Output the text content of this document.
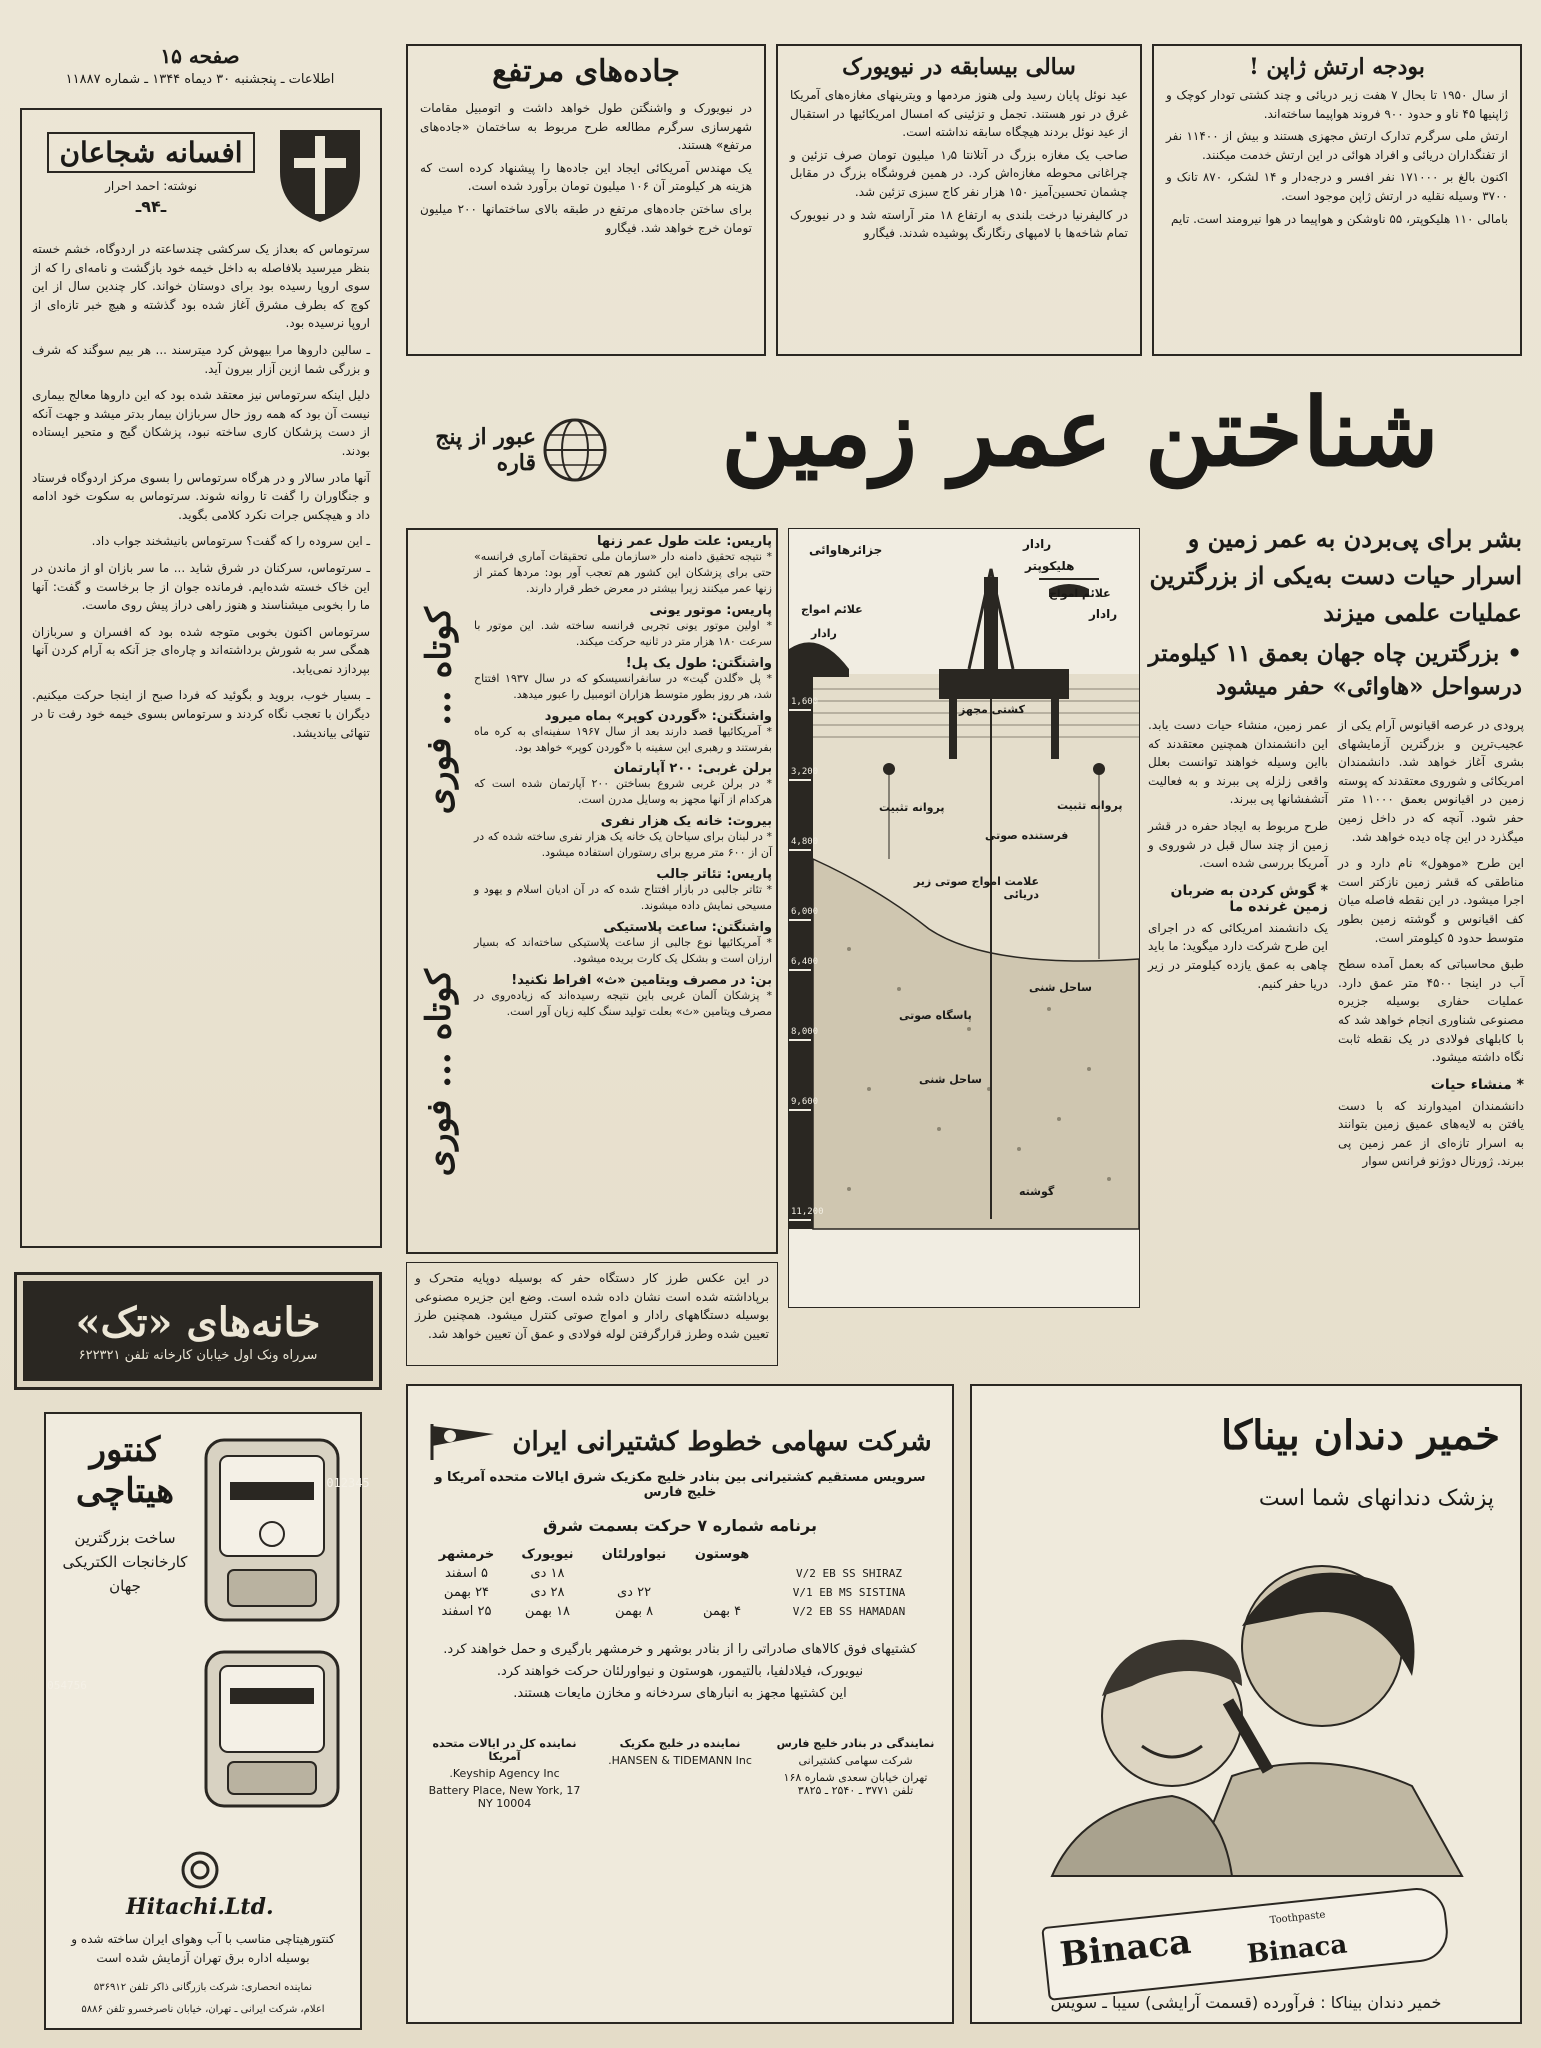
صفحه ۱۵
اطلاعات ـ پنجشنبه ۳۰ دیماه ۱۳۴۴ ـ شماره ۱۱۸۸۷
افسانه شجاعان
نوشته: احمد احرار
ـ۹۴ـ

سرتوماس که بعداز یک سرکشی چندساعته در اردوگاه، خشم خسته بنظر میرسید بلافاصله به داخل خیمه خود بازگشت و نامه‌ای را که از سوی اروپا رسیده بود برای دوستان خواند. کار چندین سال از این کوچ که بطرف مشرق آغاز شده بود گذشته و هیچ خبر تازه‌ای از اروپا نرسیده بود.

ـ سالین داروها مرا بیهوش کرد میترسند ... هر بیم سوگند که شرف و بزرگی شما ازین آزار بیرون آید.

دلیل اینکه سرتوماس نیز معتقد شده بود که این داروها معالج بیماری نیست آن بود که همه روز حال سربازان بیمار بدتر میشد و جهت آنکه از دست پزشکان کاری ساخته نبود، پزشکان گیج و متحیر ایستاده بودند.

آنها مادر سالار و در هرگاه سرتوماس را بسوی مرکز اردوگاه فرستاد و جنگاوران را گفت تا روانه شوند. سرتوماس به سکوت خود ادامه داد و هیچکس جرات نکرد کلامی بگوید.

ـ این سروده را که گفت؟ سرتوماس بانیشخند جواب داد.

ـ سرتوماس، سرکنان در شرق شاید ... ما سر بازان او از ماندن در این خاک خسته شده‌ایم. فرمانده جوان از جا برخاست و گفت: آنها ما را بخوبی میشناسند و هنوز راهی دراز پیش روی ماست.

سرتوماس اکنون بخوبی متوجه شده بود که افسران و سربازان همگی سر به شورش برداشته‌اند و چاره‌ای جز آنکه به آرام کردن آنها بپردازد نمی‌یابد.

ـ بسیار خوب، بروید و بگوئید که فردا صبح از اینجا حرکت میکنیم. دیگران با تعجب نگاه کردند و سرتوماس بسوی خیمه خود رفت تا در تنهائی بیاندیشد.

خانه‌های «تک»
سرراه ونک اول خیابان کارخانه تلفن ۶۲۲۳۲۱
012345
کنتور هیتاچی
ساخت بزرگترین کارخانجات الکتریکی جهان
054756
Hitachi.Ltd.
کنتورهیتاچی مناسب با آب وهوای ایران ساخته شده و بوسیله اداره برق تهران آزمایش شده است
نماینده انحصاری: شرکت بازرگانی ذاکر تلفن ۵۳۶۹۱۲
اعلام، شرکت ایرانی ـ تهران، خیابان ناصرخسرو تلفن ۵۸۸۶
بودجه ارتش ژاپن !

از سال ۱۹۵۰ تا بحال ۷ هفت زیر دریائی و چند کشتی تودار کوچک و ژاپنیها ۴۵ ناو و حدود ۹۰۰ فروند هواپیما ساخته‌اند.

ارتش ملی سرگرم تدارک ارتش مجهزی هستند و بیش از ۱۱۴۰۰ نفر از تفنگداران دریائی و افراد هوائی در این ارتش خدمت میکنند.

اکنون بالغ بر ۱۷۱۰۰۰ نفر افسر و درجه‌دار و ۱۴ لشکر، ۸۷۰ تانک و ۳۷۰۰ وسیله نقلیه در ارتش ژاپن موجود است.

بامالی ۱۱۰ هلیکوپتر، ۵۵ ناوشکن و هواپیما در هوا نیرومند است. تایم

سالی بیسابقه در نیویورک

عید نوئل پایان رسید ولی هنوز مردمها و ویترینهای مغازه‌های آمریکا غرق در نور هستند. تجمل و تزئینی که امسال امریکائیها در استقبال از عید نوئل بردند هیچگاه سابقه نداشته است.

صاحب یک مغازه بزرگ در آتلانتا ۱٫۵ میلیون تومان صرف تزئین و چراغانی محوطه مغازه‌اش کرد. در همین فروشگاه بزرگ در مقابل چشمان تحسین‌آمیز ۱۵۰ هزار نفر کاج سبزی تزئین شد.

در کالیفرنیا درخت بلندی به ارتفاع ۱۸ متر آراسته شد و در نیویورک تمام شاخه‌ها با لامپهای رنگارنگ پوشیده شدند. فیگارو

جاده‌های مرتفع

در نیویورک و واشنگتن طول خواهد داشت و اتومبیل مقامات شهرسازی سرگرم مطالعه طرح مربوط به ساختمان «جاده‌های مرتفع» هستند.

یک مهندس آمریکائی ایجاد این جاده‌ها را پیشنهاد کرده است که هزینه هر کیلومتر آن ۱۰۶ میلیون تومان برآورد شده است.

برای ساختن جاده‌های مرتفع در طبقه بالای ساختمانها ۲۰۰ میلیون تومان خرج خواهد شد. فیگارو

شناختن عمر زمین
عبور از پنج قاره
بشر برای پی‌بردن به عمر زمین و اسرار حیات دست به‌یکی از بزرگترین عملیات علمی میزند
• بزرگترین چاه جهان بعمق ۱۱ کیلومتر
درسواحل «هاوائی» حفر میشود

پرودی در عرصه اقیانوس آرام یکی از عجیب‌ترین و بزرگترین آزمایشهای بشری آغاز خواهد شد. دانشمندان امریکائی و شوروی معتقدند که پوسته زمین در اقیانوس بعمق ۱۱۰۰۰ متر حفر شود. آنچه که در داخل زمین میگذرد در این چاه دیده خواهد شد.

این طرح «موهول» نام دارد و در مناطقی که قشر زمین نازکتر است اجرا میشود. در این نقطه فاصله میان کف اقیانوس و گوشته زمین بطور متوسط حدود ۵ کیلومتر است.

طبق محاسباتی که بعمل آمده سطح آب در اینجا ۴۵۰۰ متر عمق دارد. عملیات حفاری بوسیله جزیره مصنوعی شناوری انجام خواهد شد که با کابلهای فولادی در یک نقطه ثابت نگاه داشته میشود.

* منشاء حیات

دانشمندان امیدوارند که با دست یافتن به لایه‌های عمیق زمین بتوانند به اسرار تازه‌ای از عمر زمین پی ببرند. ژورنال دوژنو فرانس سوار

عمر زمین، منشاء حیات دست یابد. این دانشمندان همچنین معتقدند که بااین وسیله خواهند توانست بعلل واقعی زلزله پی ببرند و به فعالیت آتشفشانها پی ببرند.

طرح مربوط به ایجاد حفره در قشر زمین از چند سال قبل در شوروی و آمریکا بررسی شده است.

* گوش کردن به ضربان زمین غرنده ما

یک دانشمند امریکائی که در اجرای این طرح شرکت دارد میگوید: ما باید چاهی به عمق یازده کیلومتر در زیر دریا حفر کنیم.

1,600
3,200
4,800
6,000
6,400
8,000
9,600
11,200
جزائرهاوائی
هلیکوپتر
رادار
رادار
علائم امواج
علائم امواج
کشتی مجهز
رادار
پروانه تثبیت
فرستنده صوتی
پروانه تثبیت
علامت امواج صوتی زیر دریائی
پاسگاه صوتی
ساحل شنی
ساحل شنی
گوشته
کوتاه ... فوری
کوتاه ... فوری
پاریس: علت طول عمر زنها

* نتیجه تحقیق دامنه دار «سازمان ملی تحقیقات آماری فرانسه» حتی برای پزشکان این کشور هم تعجب آور بود: مردها کمتر از زنها عمر میکنند زیرا بیشتر در معرض خطر قرار دارند.

پاریس: موتور یونی

* اولین موتور یونی تجربی فرانسه ساخته شد. این موتور با سرعت ۱۸۰ هزار متر در ثانیه حرکت میکند.

واشنگتن: طول یک پل!

* پل «گلدن گیت» در سانفرانسیسکو که در سال ۱۹۳۷ افتتاح شد، هر روز بطور متوسط هزاران اتومبیل را عبور میدهد.

واشنگتن: «گوردن کوپر» بماه میرود

* آمریکائیها قصد دارند بعد از سال ۱۹۶۷ سفینه‌ای به کره ماه بفرستند و رهبری این سفینه با «گوردن کوپر» خواهد بود.

برلن غربی: ۲۰۰ آپارتمان

* در برلن غربی شروع بساختن ۲۰۰ آپارتمان شده است که هرکدام از آنها مجهز به وسایل مدرن است.

بیروت: خانه یک هزار نفری

* در لبنان برای سیاحان یک خانه یک هزار نفری ساخته شده که در آن از ۶۰۰ متر مربع برای رستوران استفاده میشود.

پاریس: تئاتر جالب

* تئاتر جالبی در بازار افتتاح شده که در آن ادیان اسلام و یهود و مسیحی نمایش داده میشوند.

واشنگتن: ساعت پلاستیکی

* آمریکائیها نوع جالبی از ساعت پلاستیکی ساخته‌اند که بسیار ارزان است و بشکل یک کارت بریده میشود.

بن: در مصرف ویتامین «ث» افراط نکنید!

* پزشکان آلمان غربی باین نتیجه رسیده‌اند که زیاده‌روی در مصرف ویتامین «ث» بعلت تولید سنگ کلیه زیان آور است.

در این عکس طرز کار دستگاه حفر که بوسیله دوپایه متحرک و برپاداشته شده است نشان داده شده است. وضع این جزیره مصنوعی بوسیله دستگاههای رادار و امواج صوتی کنترل میشود. همچنین طرز تعیین شده وطرز قرارگرفتن لوله فولادی و عمق آن تعیین خواهد شد.

شرکت سهامی خطوط کشتیرانی ایران
سرویس مستقیم کشتیرانی بین بنادر خلیج مکزیک شرق ایالات متحده آمریکا و خلیج فارس
برنامه شماره ۷ حرکت بسمت شرق
	هوستون	نیواورلئان	نیویورک	خرمشهر
V/2 EB SS SHIRAZ			۱۸ دی	۵ اسفند
V/1 EB MS SISTINA		۲۲ دی	۲۸ دی	۲۴ بهمن
V/2 EB SS HAMADAN	۴ بهمن	۸ بهمن	۱۸ بهمن	۲۵ اسفند
کشتیهای فوق کالاهای صادراتی را از بنادر بوشهر و خرمشهر بارگیری و حمل خواهند کرد.
نیویورک، فیلادلفیا، بالتیمور، هوستون و نیواورلئان حرکت خواهند کرد.
این کشتیها مجهز به انبارهای سردخانه و مخازن مایعات هستند.
نمایندگی در بنادر خلیج فارس
شرکت سهامی کشتیرانی
تهران خیابان سعدی شماره ۱۶۸ تلفن ۳۷۷۱ ـ ۲۵۴۰ ـ ۳۸۲۵
نماینده در خلیج مکزیک
HANSEN & TIDEMANN Inc.
نماینده کل در ایالات متحده آمریکا
Keyship Agency Inc.
17 Battery Place, New York, NY 10004
خمیر دندان بیناکا
پزشک دندانهای شما است
Binaca
Toothpaste
Binaca
خمیر دندان بیناکا : فرآورده (قسمت آرایشی) سیبا ـ سویس
